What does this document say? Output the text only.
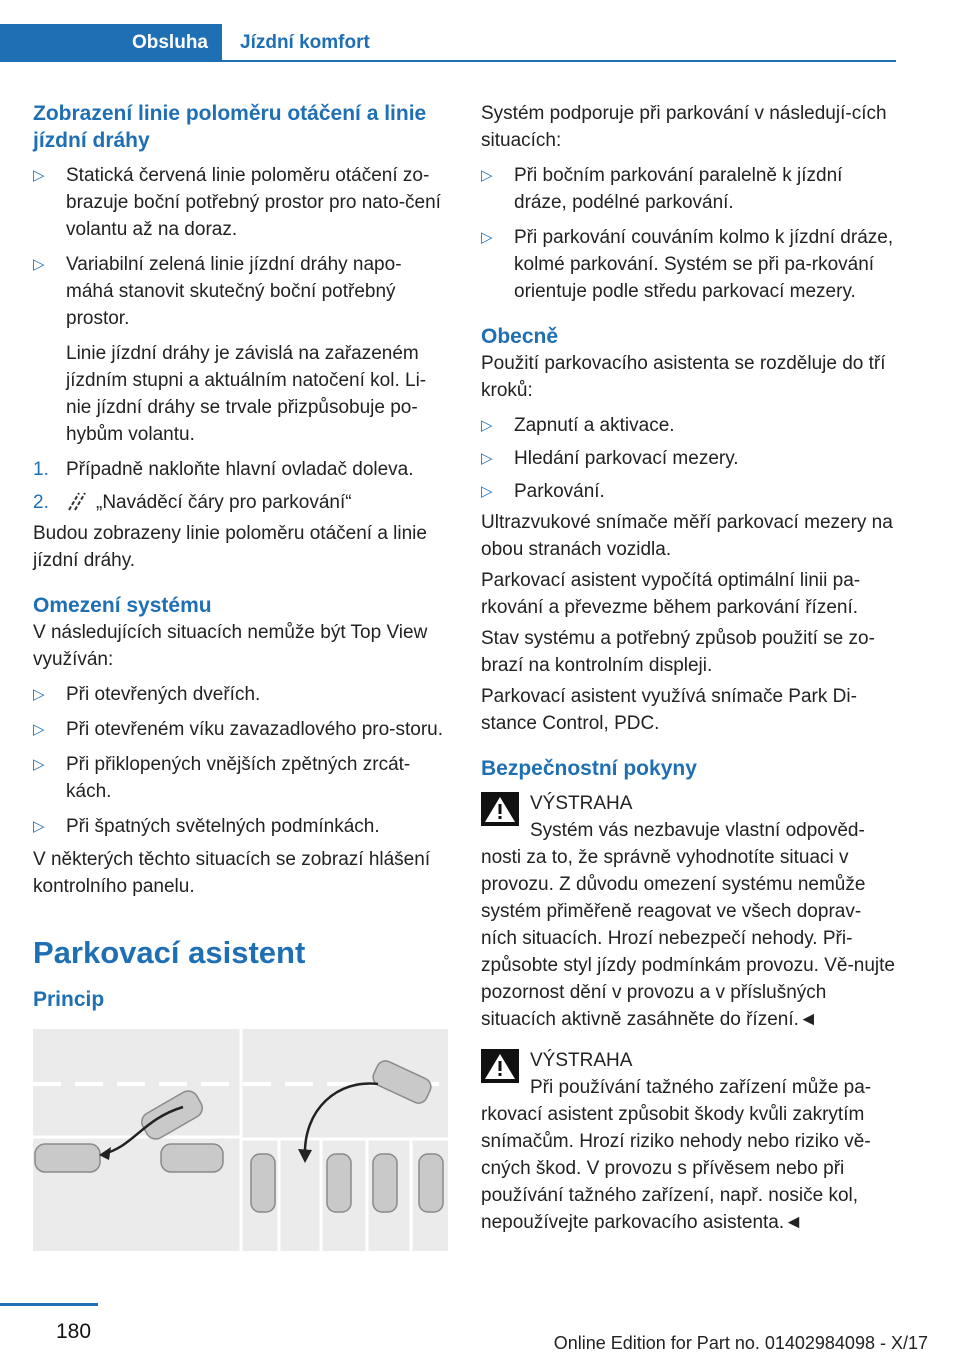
Obsluha	Jízdní komfort
Zobrazení linie poloměru otáčení a linie jízdní dráhy
▷ Statická červená linie poloměru otáčení zo-brazuje boční potřebný prostor pro nato-čení volantu až na doraz.
▷ Variabilní zelená linie jízdní dráhy napo-máhá stanovit skutečný boční potřebný prostor.
Linie jízdní dráhy je závislá na zařazeném jízdním stupni a aktuálním natočení kol. Li-nie jízdní dráhy se trvale přizpůsobuje po-hybům volantu.
1. Případně nakloňte hlavní ovladač doleva.
2. „Naváděcí čáry pro parkování“

Budou zobrazeny linie poloměru otáčení a linie jízdní dráhy.

Omezení systému

V následujících situacích nemůže být Top View využíván:

▷ Při otevřených dveřích.
▷ Při otevřeném víku zavazadlového pro-storu.
▷ Při přiklopených vnějších zpětných zrcát-kách.
▷ Při špatných světelných podmínkách.

V některých těchto situacích se zobrazí hlášení kontrolního panelu.

Parkovací asistent
Princip

Systém podporuje při parkování v následují-cích situacích:

▷ Při bočním parkování paralelně k jízdní dráze, podélné parkování.
▷ Při parkování couváním kolmo k jízdní dráze, kolmé parkování. Systém se při pa-rkování orientuje podle středu parkovací mezery.
Obecně

Použití parkovacího asistenta se rozděluje do tří kroků:

▷ Zapnutí a aktivace.
▷ Hledání parkovací mezery.
▷ Parkování.

Ultrazvukové snímače měří parkovací mezery na obou stranách vozidla.

Parkovací asistent vypočítá optimální linii pa-rkování a převezme během parkování řízení.

Stav systému a potřebný způsob použití se zo-brazí na kontrolním displeji.

Parkovací asistent využívá snímače Park Di-stance Control, PDC.

Bezpečnostní pokyny
VÝSTRAHA
Systém vás nezbavuje vlastní odpověd-nosti za to, že správně vyhodnotíte situaci v provozu. Z důvodu omezení systému nemůže systém přiměřeně reagovat ve všech doprav-ních situacích. Hrozí nebezpečí nehody. Při-způsobte styl jízdy podmínkám provozu. Vě-nujte pozornost dění v provozu a v příslušných situacích aktivně zasáhněte do řízení.◄
VÝSTRAHA
Při používání tažného zařízení může pa-rkovací asistent způsobit škody kvůli zakrytím snímačům. Hrozí riziko nehody nebo riziko vě-cných škod. V provozu s přívěsem nebo při používání tažného zařízení, např. nosiče kol, nepoužívejte parkovacího asistenta.◄
180	Online Edition for Part no. 01402984098 - X/17
